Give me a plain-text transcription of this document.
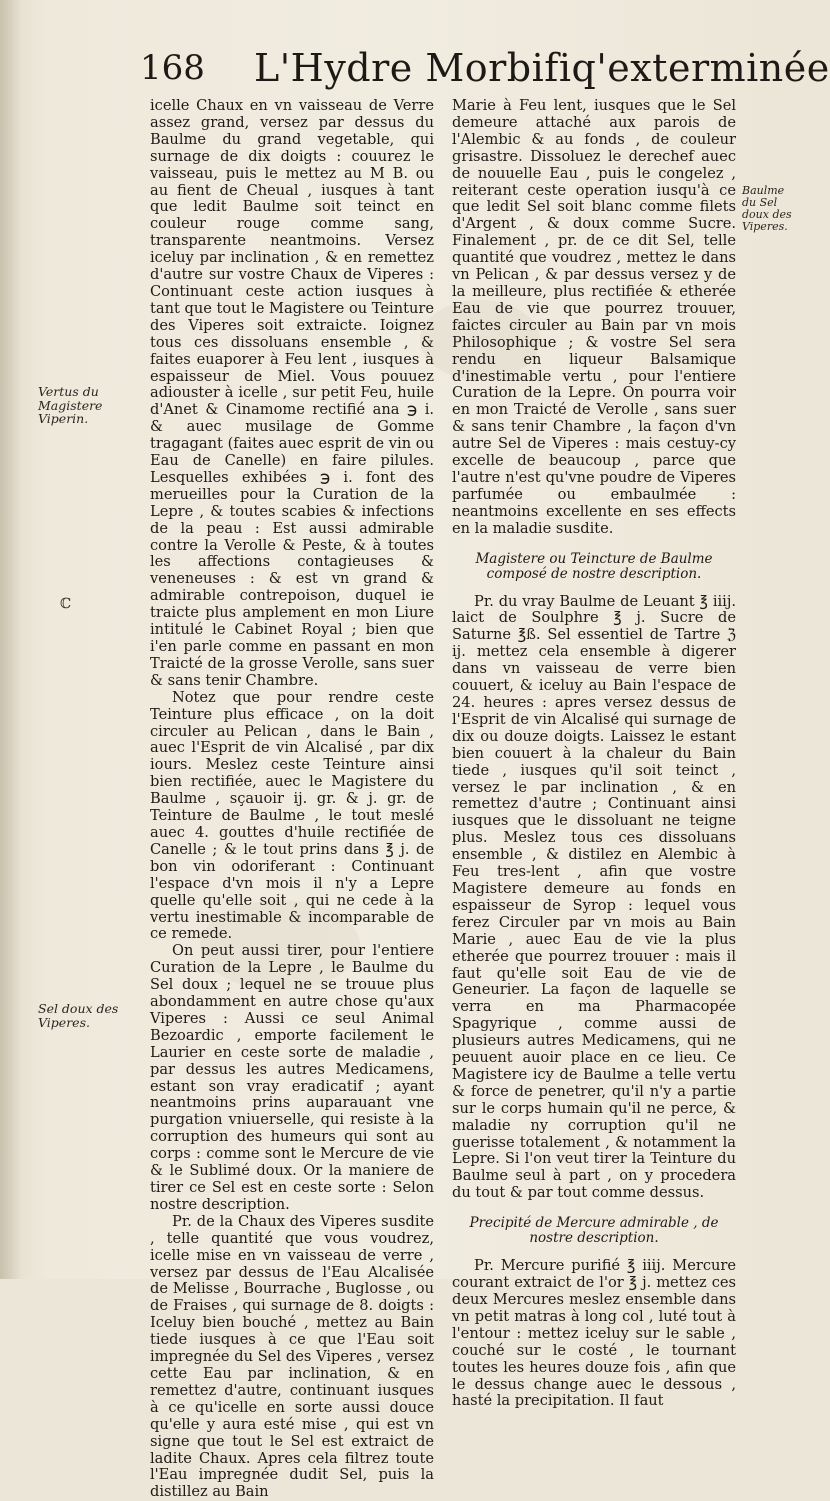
168 L'Hydre Morbifiq'exterminée
Vertus du Magistere Viperin.
Sel doux des Viperes.
Baulme du Sel doux des Viperes.
ℂ

icelle Chaux en vn vaisseau de Verre assez grand, versez par dessus du Baulme du grand vegetable, qui surnage de dix doigts : couurez le vaisseau, puis le mettez au M B. ou au fient de Cheual , iusques à tant que ledit Baulme soit teinct en couleur rouge comme sang, transparente neantmoins. Versez iceluy par inclination , & en remettez d'autre sur vostre Chaux de Viperes : Continuant ceste action iusques à tant que tout le Magistere ou Teinture des Viperes soit extraicte. Ioignez tous ces dissoluans ensemble , & faites euaporer à Feu lent , iusques à espaisseur de Miel. Vous pouuez adiouster à icelle , sur petit Feu, huile d'Anet & Cinamome rectifié ana ℈ i. & auec musilage de Gomme tragagant (faites auec esprit de vin ou Eau de Canelle) en faire pilules. Lesquelles exhibées ℈ i. font des merueilles pour la Curation de la Lepre , & toutes scabies & infections de la peau : Est aussi admirable contre la Verolle & Peste, & à toutes les affections contagieuses & veneneuses : & est vn grand & admirable contrepoison, duquel ie traicte plus amplement en mon Liure intitulé le Cabinet Royal ; bien que i'en parle comme en passant en mon Traicté de la grosse Verolle, sans suer & sans tenir Chambre.

Notez que pour rendre ceste Teinture plus efficace , on la doit circuler au Pelican , dans le Bain , auec l'Esprit de vin Alcalisé , par dix iours. Meslez ceste Teinture ainsi bien rectifiée, auec le Magistere du Baulme , sçauoir ij. gr. & j. gr. de Teinture de Baulme , le tout meslé auec 4. gouttes d'huile rectifiée de Canelle ; & le tout prins dans ℥ j. de bon vin odoriferant : Continuant l'espace d'vn mois il n'y a Lepre quelle qu'elle soit , qui ne cede à la vertu inestimable & incomparable de ce remede.

On peut aussi tirer, pour l'entiere Curation de la Lepre , le Baulme du Sel doux ; lequel ne se trouue plus abondamment en autre chose qu'aux Viperes : Aussi ce seul Animal Bezoardic , emporte facilement le Laurier en ceste sorte de maladie , par dessus les autres Medicamens, estant son vray eradicatif ; ayant neantmoins prins auparauant vne purgation vniuerselle, qui resiste à la corruption des humeurs qui sont au corps : comme sont le Mercure de vie & le Sublimé doux. Or la maniere de tirer ce Sel est en ceste sorte : Selon nostre description.

Pr. de la Chaux des Viperes susdite , telle quantité que vous voudrez, icelle mise en vn vaisseau de verre , versez par dessus de l'Eau Alcalisée de Melisse , Bourrache , Buglosse , ou de Fraises , qui surnage de 8. doigts : Iceluy bien bouché , mettez au Bain tiede iusques à ce que l'Eau soit impregnée du Sel des Viperes , versez cette Eau par inclination, & en remettez d'autre, continuant iusques à ce qu'icelle en sorte aussi douce qu'elle y aura esté mise , qui est vn signe que tout le Sel est extraict de ladite Chaux. Apres cela filtrez toute l'Eau impregnée dudit Sel, puis la distillez au Bain

Marie à Feu lent, iusques que le Sel demeure attaché aux parois de l'Alembic & au fonds , de couleur grisastre. Dissoluez le derechef auec de nouuelle Eau , puis le congelez , reiterant ceste operation iusqu'à ce que ledit Sel soit blanc comme filets d'Argent , & doux comme Sucre. Finalement , pr. de ce dit Sel, telle quantité que voudrez , mettez le dans vn Pelican , & par dessus versez y de la meilleure, plus rectifiée & etherée Eau de vie que pourrez trouuer, faictes circuler au Bain par vn mois Philosophique ; & vostre Sel sera rendu en liqueur Balsamique d'inestimable vertu , pour l'entiere Curation de la Lepre. On pourra voir en mon Traicté de Verolle , sans suer & sans tenir Chambre , la façon d'vn autre Sel de Viperes : mais cestuy-cy excelle de beaucoup , parce que l'autre n'est qu'vne poudre de Viperes parfumée ou embaulmée : neantmoins excellente en ses effects en la maladie susdite.

Magistere ou Teincture de Baulme composé de nostre description.

Pr. du vray Baulme de Leuant ℥ iiij. laict de Soulphre ℥ j. Sucre de Saturne ℥ß. Sel essentiel de Tartre ℨ ij. mettez cela ensemble à digerer dans vn vaisseau de verre bien couuert, & iceluy au Bain l'espace de 24. heures : apres versez dessus de l'Esprit de vin Alcalisé qui surnage de dix ou douze doigts. Laissez le estant bien couuert à la chaleur du Bain tiede , iusques qu'il soit teinct , versez le par inclination , & en remettez d'autre ; Continuant ainsi iusques que le dissoluant ne teigne plus. Meslez tous ces dissoluans ensemble , & distilez en Alembic à Feu tres-lent , afin que vostre Magistere demeure au fonds en espaisseur de Syrop : lequel vous ferez Circuler par vn mois au Bain Marie , auec Eau de vie la plus etherée que pourrez trouuer : mais il faut qu'elle soit Eau de vie de Geneurier. La façon de laquelle se verra en ma Pharmacopée Spagyrique , comme aussi de plusieurs autres Medicamens, qui ne peuuent auoir place en ce lieu. Ce Magistere icy de Baulme a telle vertu & force de penetrer, qu'il n'y a partie sur le corps humain qu'il ne perce, & maladie ny corruption qu'il ne guerisse totalement , & notamment la Lepre. Si l'on veut tirer la Teinture du Baulme seul à part , on y procedera du tout & par tout comme dessus.

Precipité de Mercure admirable , de nostre description.

Pr. Mercure purifié ℥ iiij. Mercure courant extraict de l'or ℥ j. mettez ces deux Mercures meslez ensemble dans vn petit matras à long col , luté tout à l'entour : mettez iceluy sur le sable , couché sur le costé , le tournant toutes les heures douze fois , afin que le dessus change auec le dessous , hasté la precipitation. Il faut
